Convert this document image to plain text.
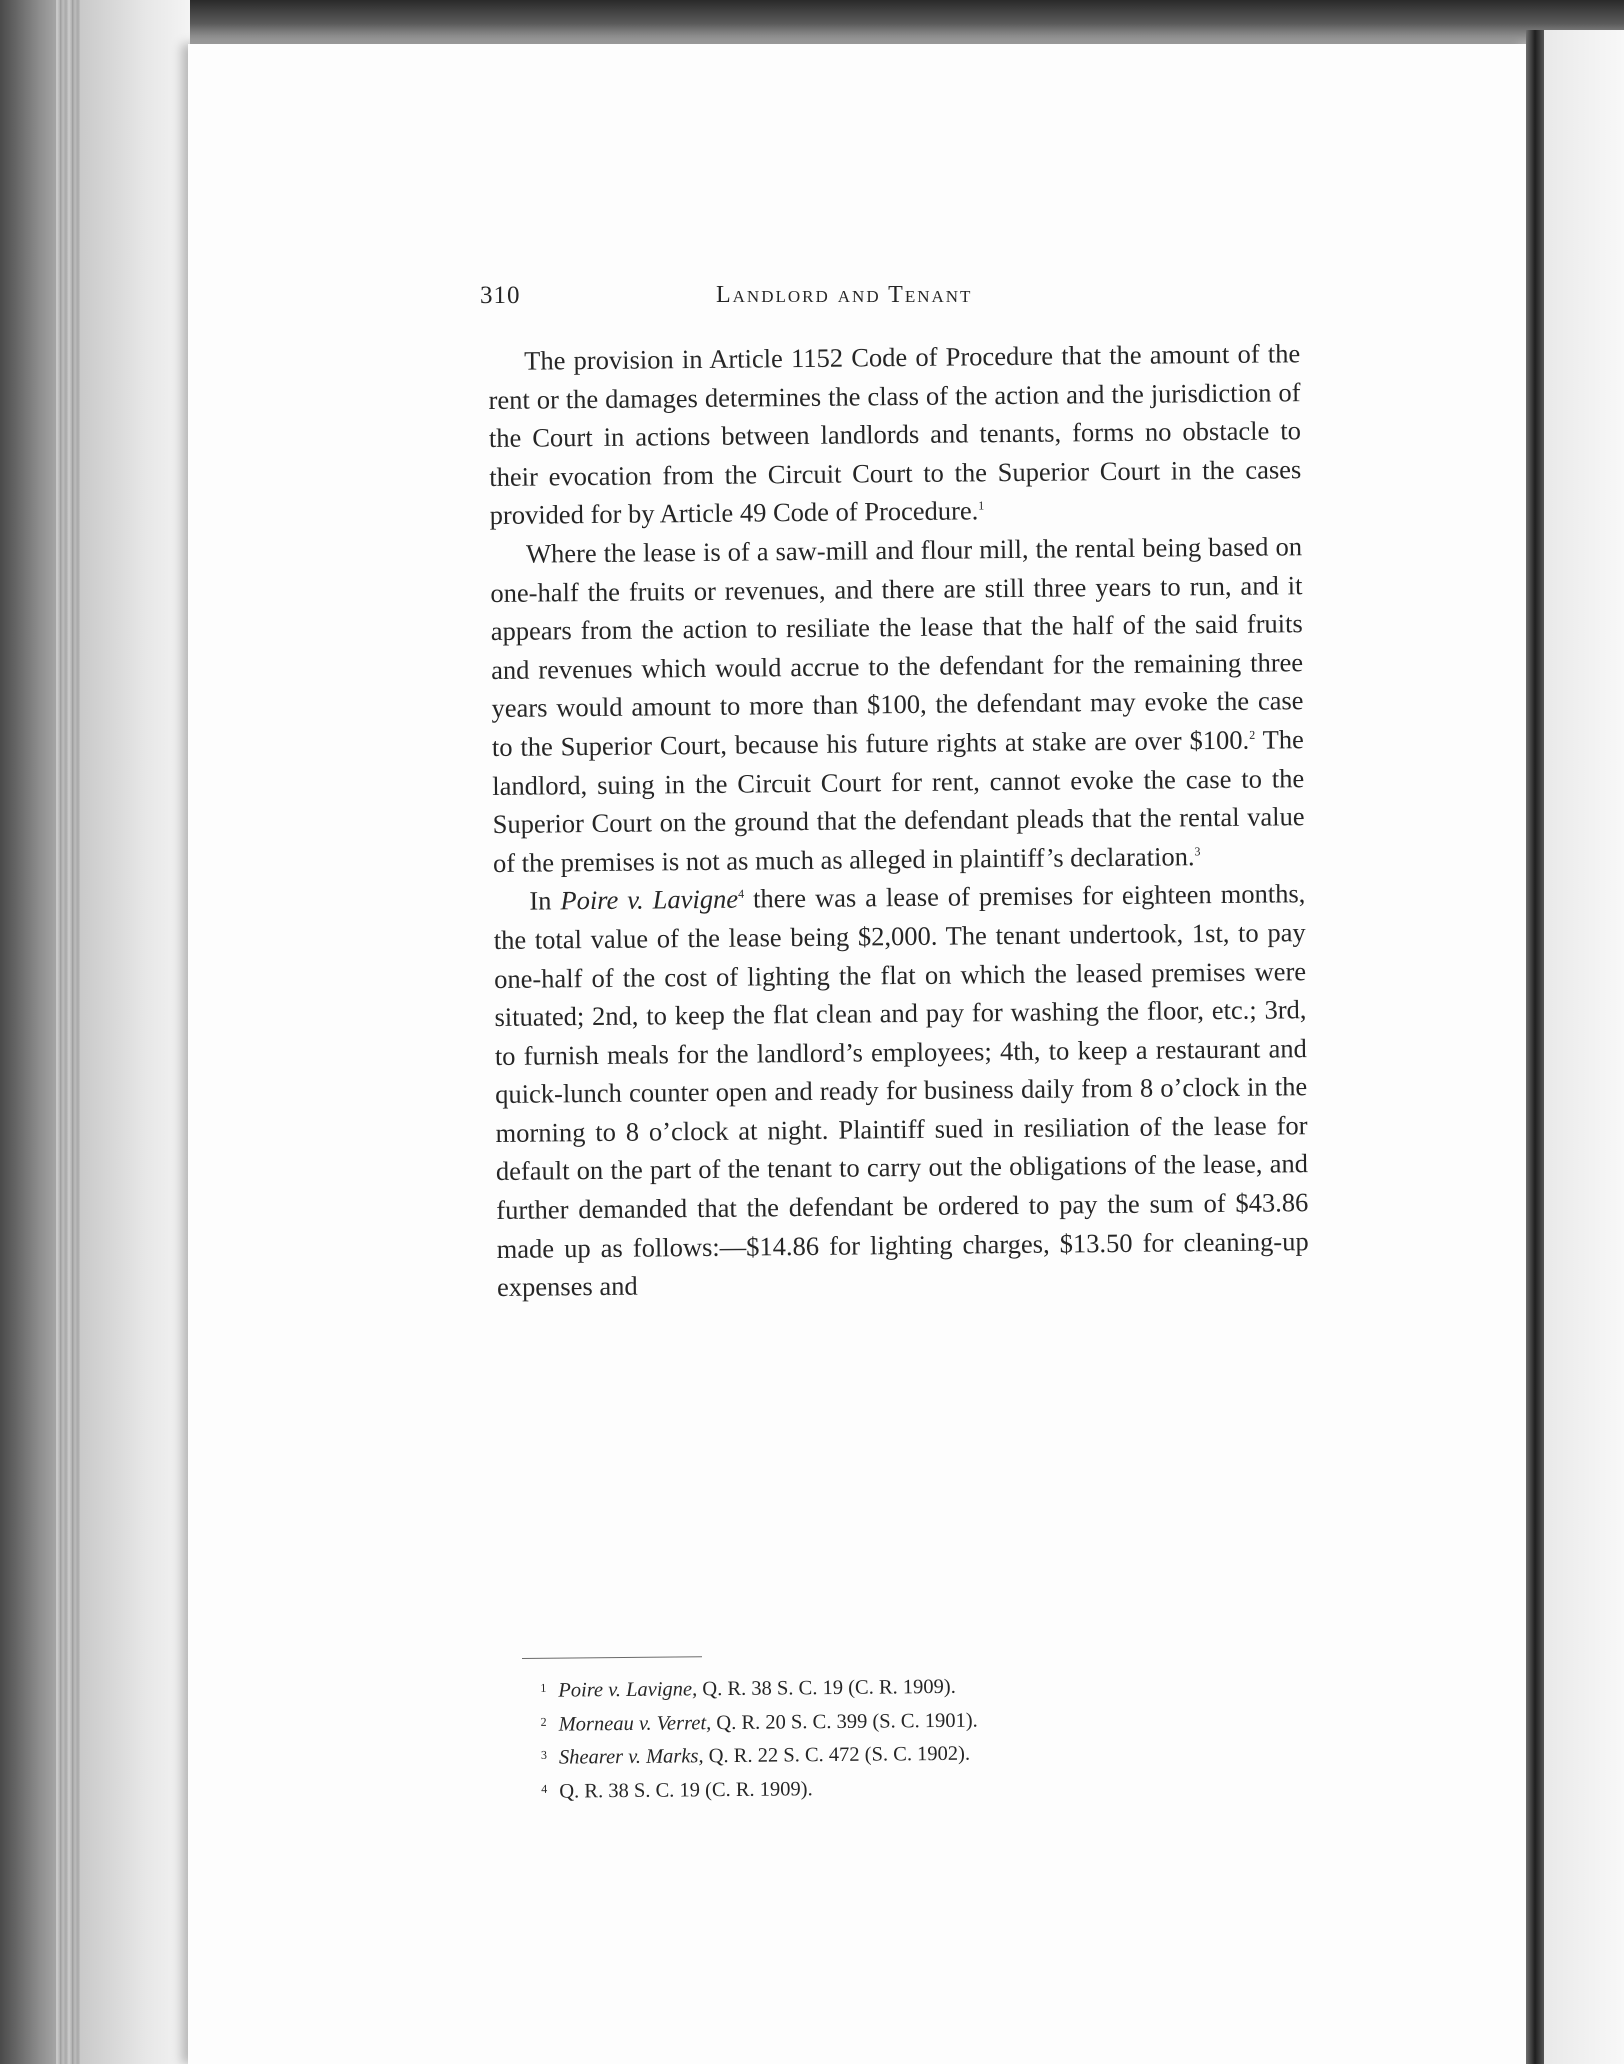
310	Landlord and Tenant

The provision in Article 1152 Code of Procedure that the amount of the rent or the damages determines the class of the action and the jurisdiction of the Court in actions between landlords and tenants, forms no obstacle to their evocation from the Circuit Court to the Superior Court in the cases provided for by Article 49 Code of Procedure.$^1$

Where the lease is of a saw-mill and flour mill, the rental being based on one-half the fruits or revenues, and there are still three years to run, and it appears from the action to resiliate the lease that the half of the said fruits and revenues which would accrue to the defendant for the remaining three years would amount to more than $100, the defendant may evoke the case to the Superior Court, because his future rights at stake are over $100.$^2$ The landlord, suing in the Circuit Court for rent, cannot evoke the case to the Superior Court on the ground that the defendant pleads that the rental value of the premises is not as much as alleged in plaintiff’s declaration.$^3$

In Poire v. Lavigne$^4$ there was a lease of premises for eighteen months, the total value of the lease being $2,000. The tenant undertook, 1st, to pay one-half of the cost of lighting the flat on which the leased premises were situated; 2nd, to keep the flat clean and pay for washing the floor, etc.; 3rd, to furnish meals for the landlord’s employees; 4th, to keep a restaurant and quick-lunch counter open and ready for business daily from 8 o’clock in the morning to 8 o’clock at night. Plaintiff sued in resiliation of the lease for default on the part of the tenant to carry out the obligations of the lease, and further demanded that the defendant be ordered to pay the sum of $43.86 made up as follows:—$14.86 for lighting charges, $13.50 for cleaning-up expenses and

1 Poire v. Lavigne, Q. R. 38 S. C. 19 (C. R. 1909).
2 Morneau v. Verret, Q. R. 20 S. C. 399 (S. C. 1901).
3 Shearer v. Marks, Q. R. 22 S. C. 472 (S. C. 1902).
4 Q. R. 38 S. C. 19 (C. R. 1909).
